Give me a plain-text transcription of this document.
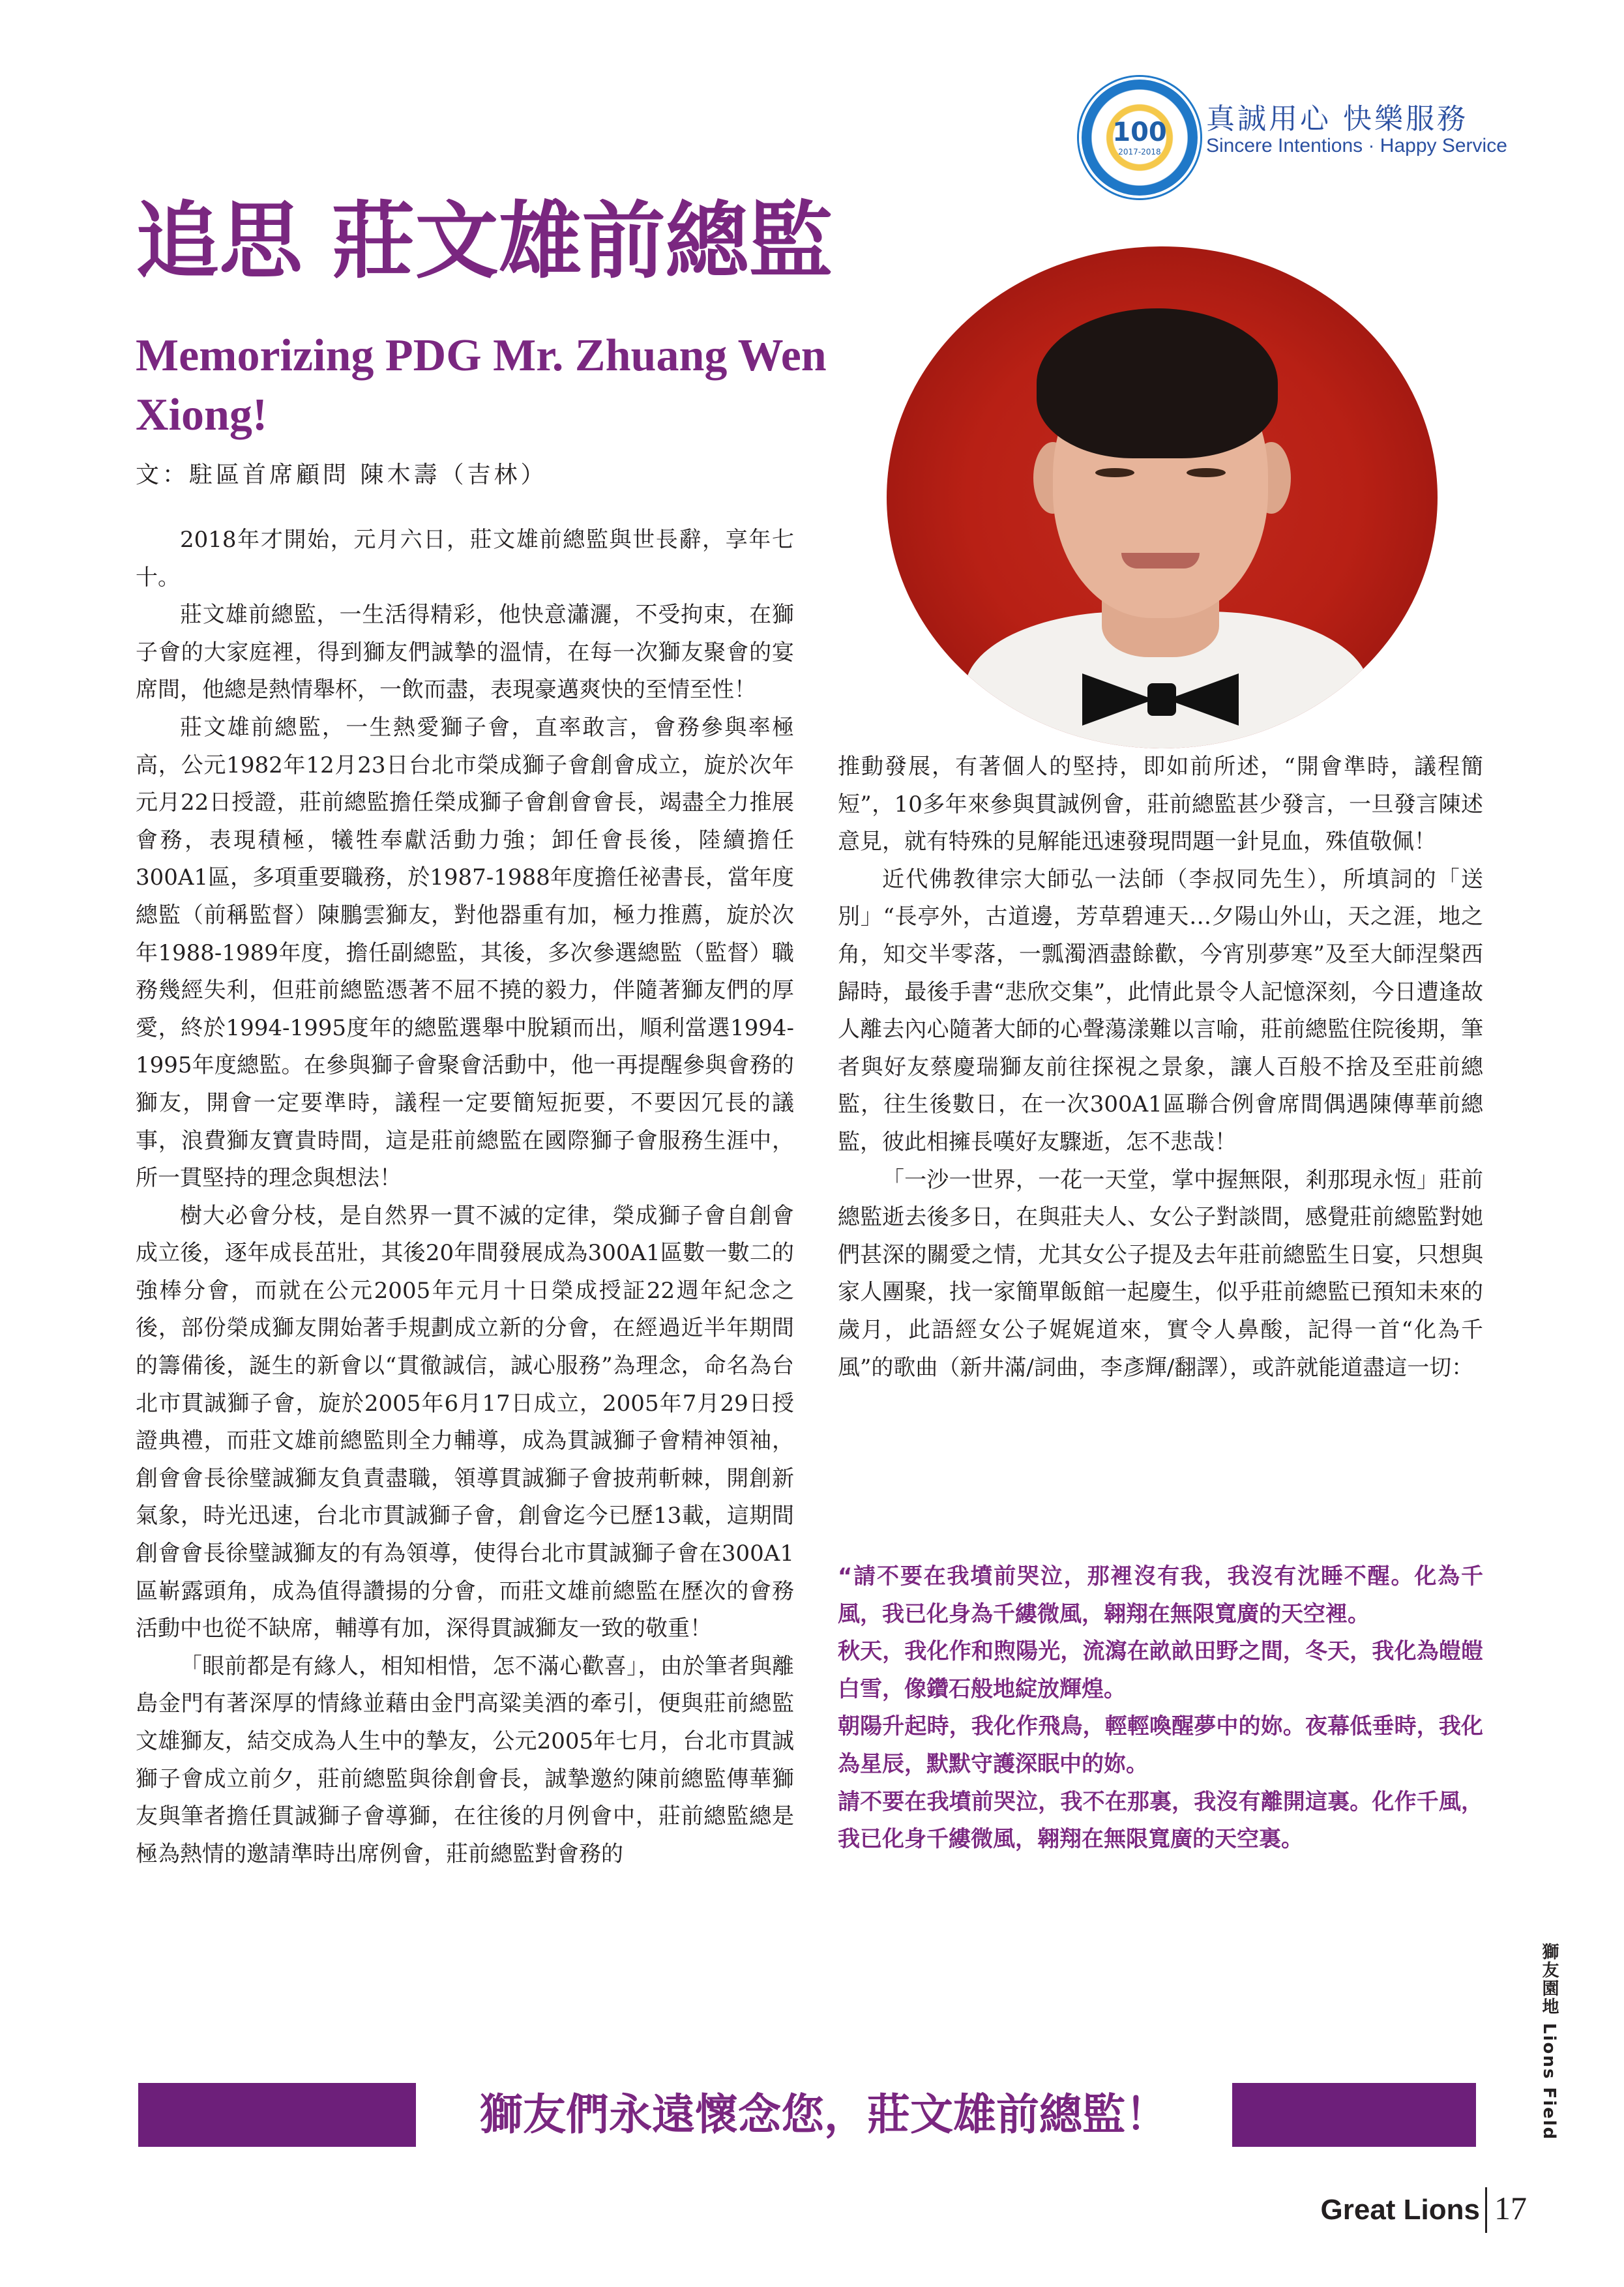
100
2017-2018
真誠用心 快樂服務
Sincere Intentions · Happy Service
追思 莊文雄前總監
Memorizing PDG Mr. Zhuang Wen Xiong!
文：駐區首席顧問 陳木壽（吉林）

2018年才開始，元月六日，莊文雄前總監與世長辭，享年七十。

莊文雄前總監，一生活得精彩，他快意瀟灑，不受拘束，在獅子會的大家庭裡，得到獅友們誠摯的溫情，在每一次獅友聚會的宴席間，他總是熱情舉杯，一飲而盡，表現豪邁爽快的至情至性！

莊文雄前總監，一生熱愛獅子會，直率敢言，會務參與率極高，公元1982年12月23日台北市榮成獅子會創會成立，旋於次年元月22日授證，莊前總監擔任榮成獅子會創會會長，竭盡全力推展會務，表現積極，犧牲奉獻活動力強；卸任會長後，陸續擔任300A1區，多項重要職務，於1987-1988年度擔任祕書長，當年度總監（前稱監督）陳鵬雲獅友，對他器重有加，極力推薦，旋於次年1988-1989年度，擔任副總監，其後，多次參選總監（監督）職務幾經失利，但莊前總監憑著不屈不撓的毅力，伴隨著獅友們的厚愛，終於1994-1995度年的總監選舉中脫穎而出，順利當選1994-1995年度總監。在參與獅子會聚會活動中，他一再提醒參與會務的獅友，開會一定要準時，議程一定要簡短扼要，不要因冗長的議事，浪費獅友寶貴時間，這是莊前總監在國際獅子會服務生涯中，所一貫堅持的理念與想法！

樹大必會分枝，是自然界一貫不滅的定律，榮成獅子會自創會成立後，逐年成長茁壯，其後20年間發展成為300A1區數一數二的強棒分會，而就在公元2005年元月十日榮成授証22週年紀念之後，部份榮成獅友開始著手規劃成立新的分會，在經過近半年期間的籌備後，誕生的新會以“貫徹誠信，誠心服務”為理念，命名為台北市貫誠獅子會，旋於2005年6月17日成立，2005年7月29日授證典禮，而莊文雄前總監則全力輔導，成為貫誠獅子會精神領袖，創會會長徐璧誠獅友負責盡職，領導貫誠獅子會披荊斬棘，開創新氣象，時光迅速，台北市貫誠獅子會，創會迄今已歷13載，這期間創會會長徐璧誠獅友的有為領導，使得台北市貫誠獅子會在300A1區嶄露頭角，成為值得讚揚的分會，而莊文雄前總監在歷次的會務活動中也從不缺席，輔導有加，深得貫誠獅友一致的敬重！

「眼前都是有緣人，相知相惜，怎不滿心歡喜」，由於筆者與離島金門有著深厚的情緣並藉由金門高粱美酒的牽引，便與莊前總監文雄獅友，結交成為人生中的摯友，公元2005年七月，台北市貫誠獅子會成立前夕，莊前總監與徐創會長，誠摯邀約陳前總監傳華獅友與筆者擔任貫誠獅子會導獅，在往後的月例會中，莊前總監總是極為熱情的邀請準時出席例會，莊前總監對會務的

推動發展，有著個人的堅持，即如前所述，“開會準時，議程簡短”，10多年來參與貫誠例會，莊前總監甚少發言，一旦發言陳述意見，就有特殊的見解能迅速發現問題一針見血，殊值敬佩！

近代佛教律宗大師弘一法師（李叔同先生），所填詞的「送別」“長亭外，古道邊，芳草碧連天…夕陽山外山，天之涯，地之角，知交半零落，一瓢濁酒盡餘歡，今宵別夢寒”及至大師涅槃西歸時，最後手書“悲欣交集”，此情此景令人記憶深刻，今日遭逢故人離去內心隨著大師的心聲蕩漾難以言喻，莊前總監住院後期，筆者與好友蔡慶瑞獅友前往探視之景象，讓人百般不捨及至莊前總監，往生後數日，在一次300A1區聯合例會席間偶遇陳傳華前總監，彼此相擁長嘆好友驟逝，怎不悲哉！

「一沙一世界，一花一天堂，掌中握無限，剎那現永恆」莊前總監逝去後多日，在與莊夫人、女公子對談間，感覺莊前總監對她們甚深的關愛之情，尤其女公子提及去年莊前總監生日宴，只想與家人團聚，找一家簡單飯館一起慶生，似乎莊前總監已預知未來的歲月，此語經女公子娓娓道來，實令人鼻酸，記得一首“化為千風”的歌曲（新井滿/詞曲，李彥輝/翻譯），或許就能道盡這一切：

“請不要在我墳前哭泣，那裡沒有我，我沒有沈睡不醒。化為千風，我已化身為千縷微風，翱翔在無限寬廣的天空裡。

秋天，我化作和煦陽光，流瀉在畝畝田野之間，冬天，我化為皚皚白雪，像鑽石般地綻放輝煌。

朝陽升起時，我化作飛鳥，輕輕喚醒夢中的妳。夜幕低垂時，我化為星辰，默默守護深眠中的妳。

請不要在我墳前哭泣，我不在那裏，我沒有離開這裏。化作千風，我已化身千縷微風，翱翔在無限寬廣的天空裏。

獅友們永遠懷念您，莊文雄前總監！	獅友園地 Lions Field
Great Lions 17
